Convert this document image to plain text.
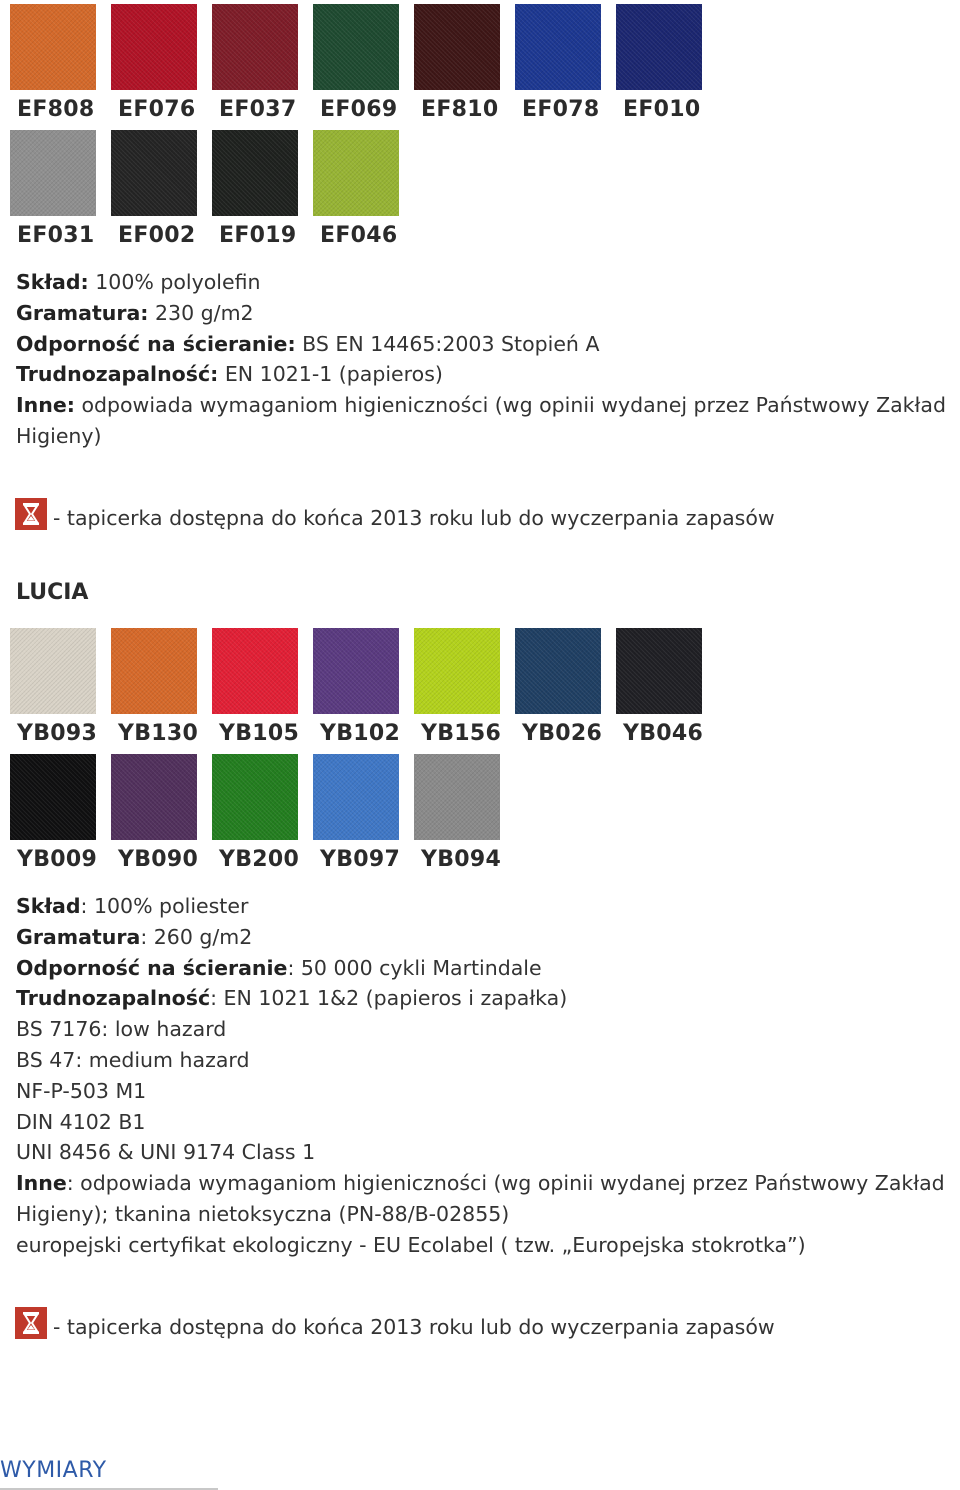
EF808	EF076	EF037	EF069	EF810	EF078	EF010
EF031	EF002	EF019	EF046
Skład: 100% polyolefin
Gramatura: 230 g/m2
Odporność na ścieranie: BS EN 14465:2003 Stopień A
Trudnozapalność: EN 1021-1 (papieros)
Inne: odpowiada wymaganiom higieniczności (wg opinii wydanej przez Państwowy Zakład Higieny)
- tapicerka dostępna do końca 2013 roku lub do wyczerpania zapasów
LUCIA
YB093 YB130 YB105 YB102 YB156 YB026 YB046
YB009 YB090 YB200 YB097 YB094
Skład: 100% poliester
Gramatura: 260 g/m2
Odporność na ścieranie: 50 000 cykli Martindale
Trudnozapalność: EN 1021 1&2 (papieros i zapałka)
BS 7176: low hazard
BS 47: medium hazard
NF-P-503 M1
DIN 4102 B1
UNI 8456 & UNI 9174 Class 1
Inne: odpowiada wymaganiom higieniczności (wg opinii wydanej przez Państwowy Zakład Higieny); tkanina nietoksyczna (PN-88/B-02855)
europejski certyfikat ekologiczny - EU Ecolabel ( tzw. „Europejska stokrotka”)
- tapicerka dostępna do końca 2013 roku lub do wyczerpania zapasów
WYMIARY
